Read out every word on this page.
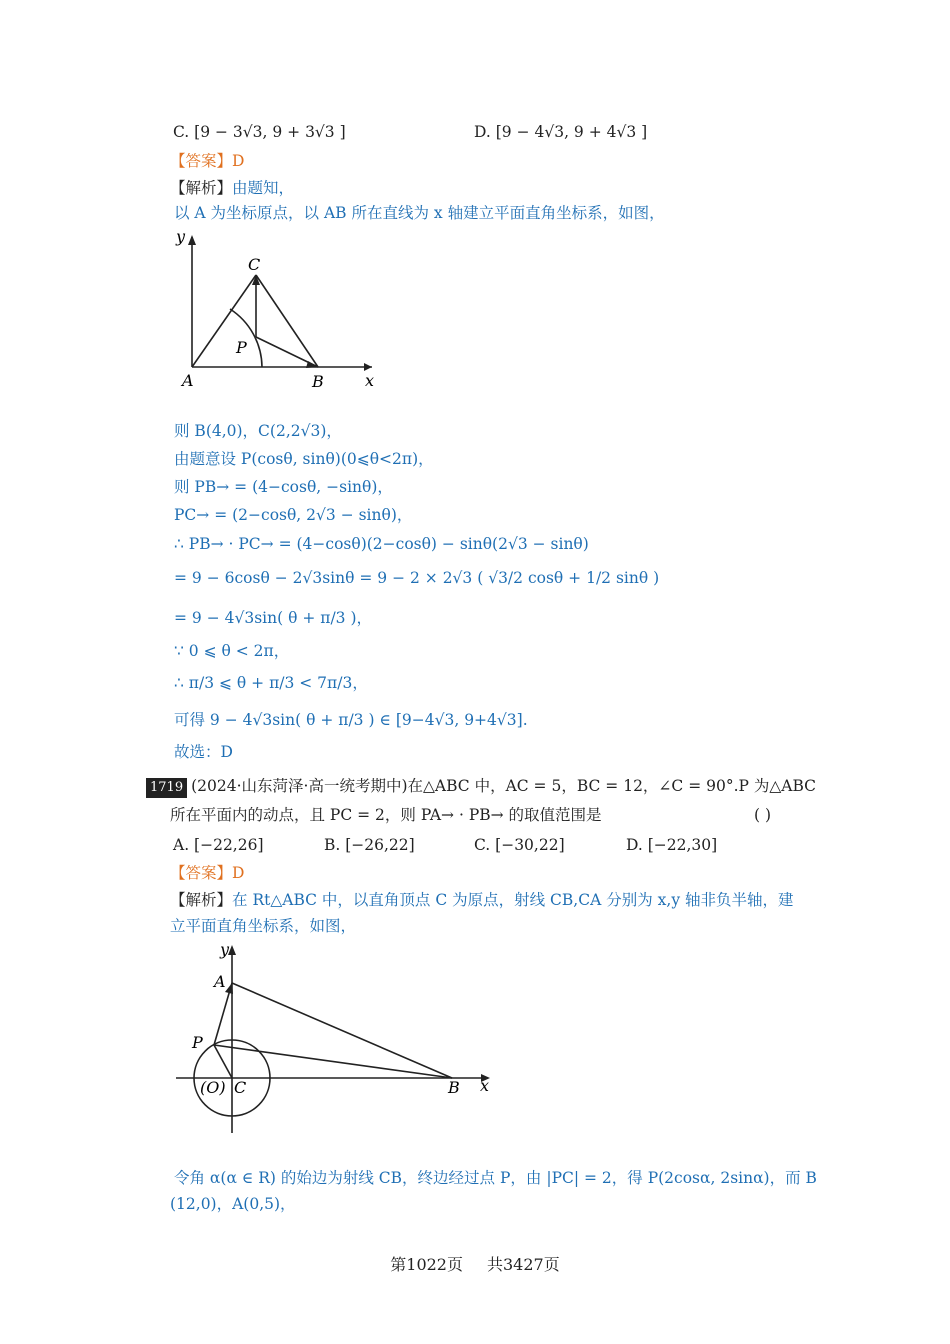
C. [9 − 3√3, 9 + 3√3 ]	D. [9 − 4√3, 9 + 4√3 ]
【答案】D
【解析】由题知，
以 A 为坐标原点，以 AB 所在直线为 x 轴建立平面直角坐标系，如图，
y
x
A	B
C
P
则 B(4,0)，C(2,2√3)，
由题意设 P(cosθ, sinθ)(0⩽θ<2π)，
则 PB→ = (4−cosθ, −sinθ)，
PC→ = (2−cosθ, 2√3 − sinθ)，
∴ PB→ · PC→ = (4−cosθ)(2−cosθ) − sinθ(2√3 − sinθ)
= 9 − 6cosθ − 2√3sinθ = 9 − 2 × 2√3 ( √3/2 cosθ + 1/2 sinθ )
= 9 − 4√3sin( θ + π/3 )，
∵ 0 ⩽ θ < 2π，
∴ π/3 ⩽ θ + π/3 < 7π/3，
可得 9 − 4√3sin( θ + π/3 ) ∈ [9−4√3, 9+4√3].
故选：D
1719 (2024·山东菏泽·高一统考期中)在△ABC 中，AC = 5，BC = 12，∠C = 90°.P 为△ABC
所在平面内的动点，且 PC = 2，则 PA→ · PB→ 的取值范围是	( )
A. [−22,26]	B. [−26,22]	C. [−30,22]	D. [−22,30]
【答案】D
【解析】在 Rt△ABC 中，以直角顶点 C 为原点，射线 CB,CA 分别为 x,y 轴非负半轴，建
立平面直角坐标系，如图，
A
y
x
B
P
(O) C
令角 α(α ∈ R) 的始边为射线 CB，终边经过点 P，由 |PC| = 2，得 P(2cosα, 2sinα)，而 B
(12,0)，A(0,5)，
第1022页 共3427页
